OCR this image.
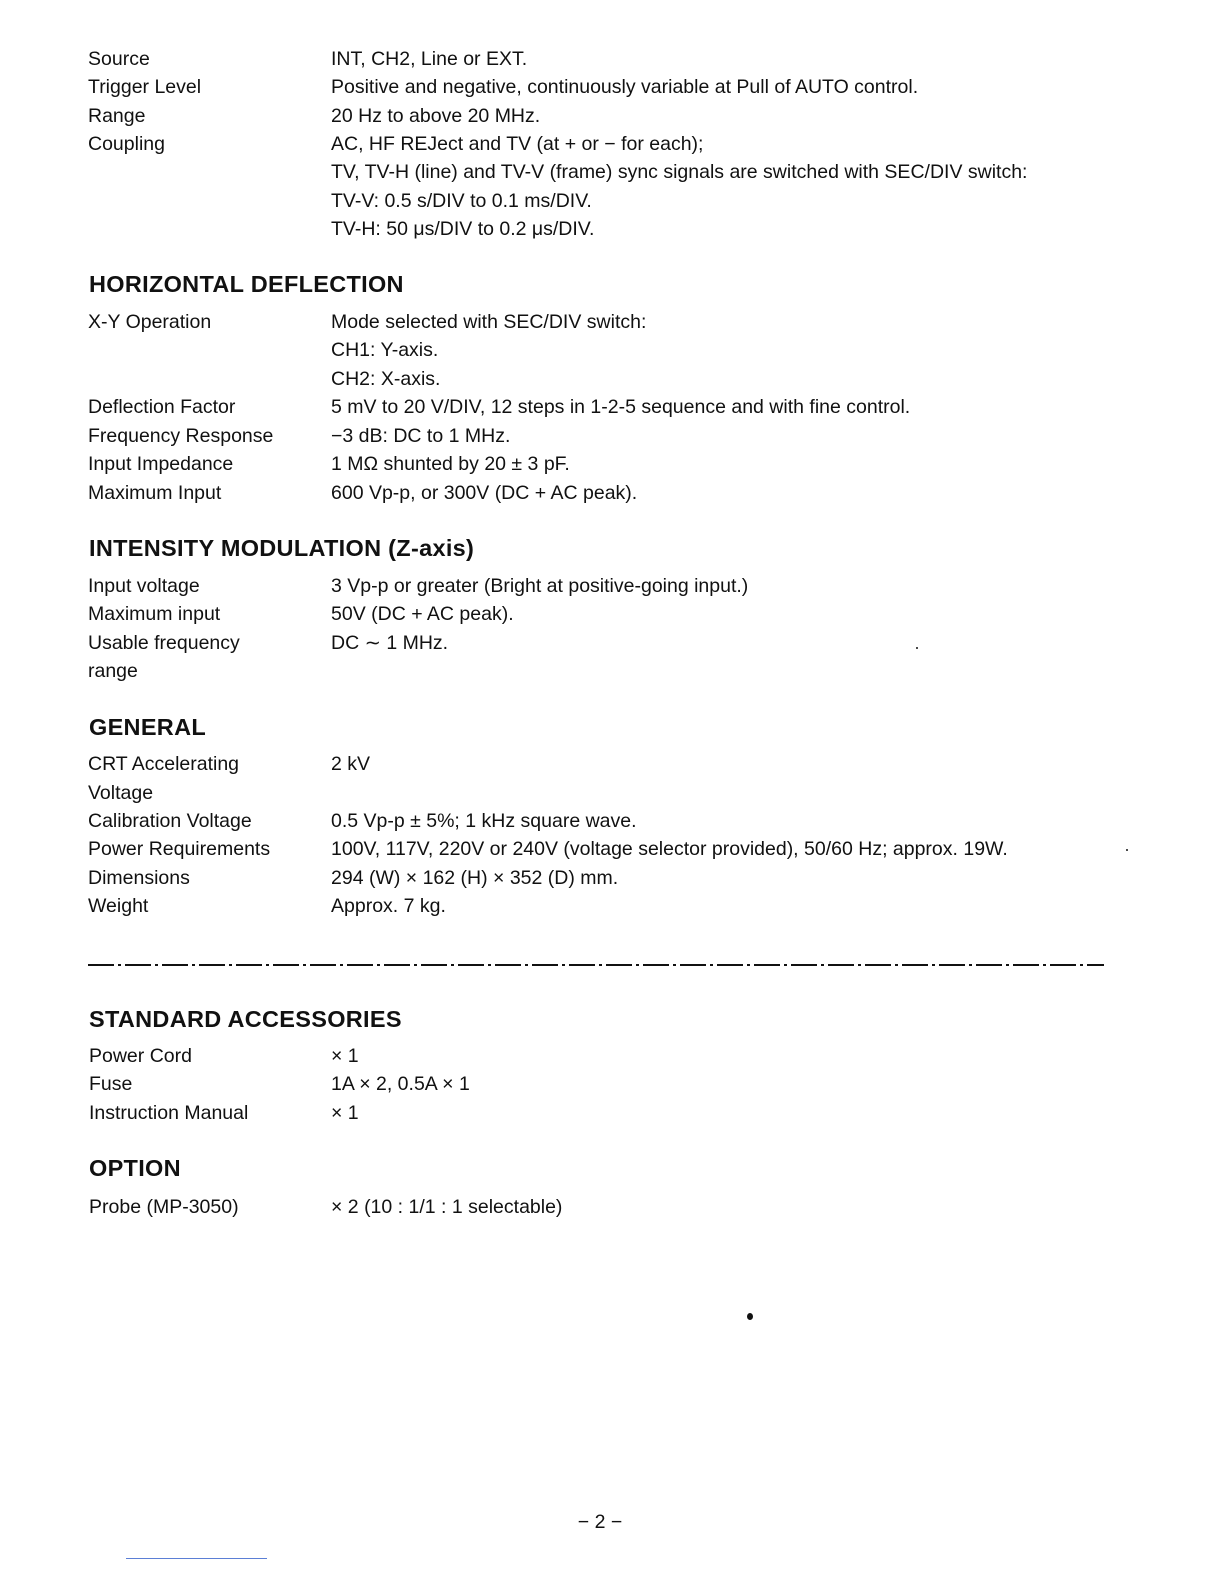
Source	INT, CH2, Line or EXT.
Trigger Level	Positive and negative, continuously variable at Pull of AUTO control.
Range	20 Hz to above 20 MHz.
Coupling	AC, HF REJect and TV (at + or − for each);
TV, TV-H (line) and TV-V (frame) sync signals are switched with SEC/DIV switch:
TV-V: 0.5 s/DIV to 0.1 ms/DIV.
TV-H: 50 μs/DIV to 0.2 μs/DIV.
HORIZONTAL DEFLECTION
X-Y Operation	Mode selected with SEC/DIV switch:
CH1: Y-axis.
CH2: X-axis.
Deflection Factor	5 mV to 20 V/DIV, 12 steps in 1-2-5 sequence and with fine control.
Frequency Response	−3 dB: DC to 1 MHz.
Input Impedance	1 MΩ shunted by 20 ± 3 pF.
Maximum Input	600 Vp-p, or 300V (DC + AC peak).
INTENSITY MODULATION (Z-axis)
Input voltage	3 Vp-p or greater (Bright at positive-going input.)
Maximum input	50V (DC + AC peak).
Usable frequency	DC ∼ 1 MHz.
range
GENERAL
CRT Accelerating	2 kV
Voltage
Calibration Voltage	0.5 Vp-p ± 5%; 1 kHz square wave.
Power Requirements	100V, 117V, 220V or 240V (voltage selector provided), 50/60 Hz; approx. 19W.
Dimensions	294 (W) × 162 (H) × 352 (D) mm.
Weight	Approx. 7 kg.
STANDARD ACCESSORIES
Power Cord	× 1
Fuse	1A × 2, 0.5A × 1
Instruction Manual	× 1
OPTION
Probe (MP-3050)	× 2 (10 : 1/1 : 1 selectable)
− 2 −
